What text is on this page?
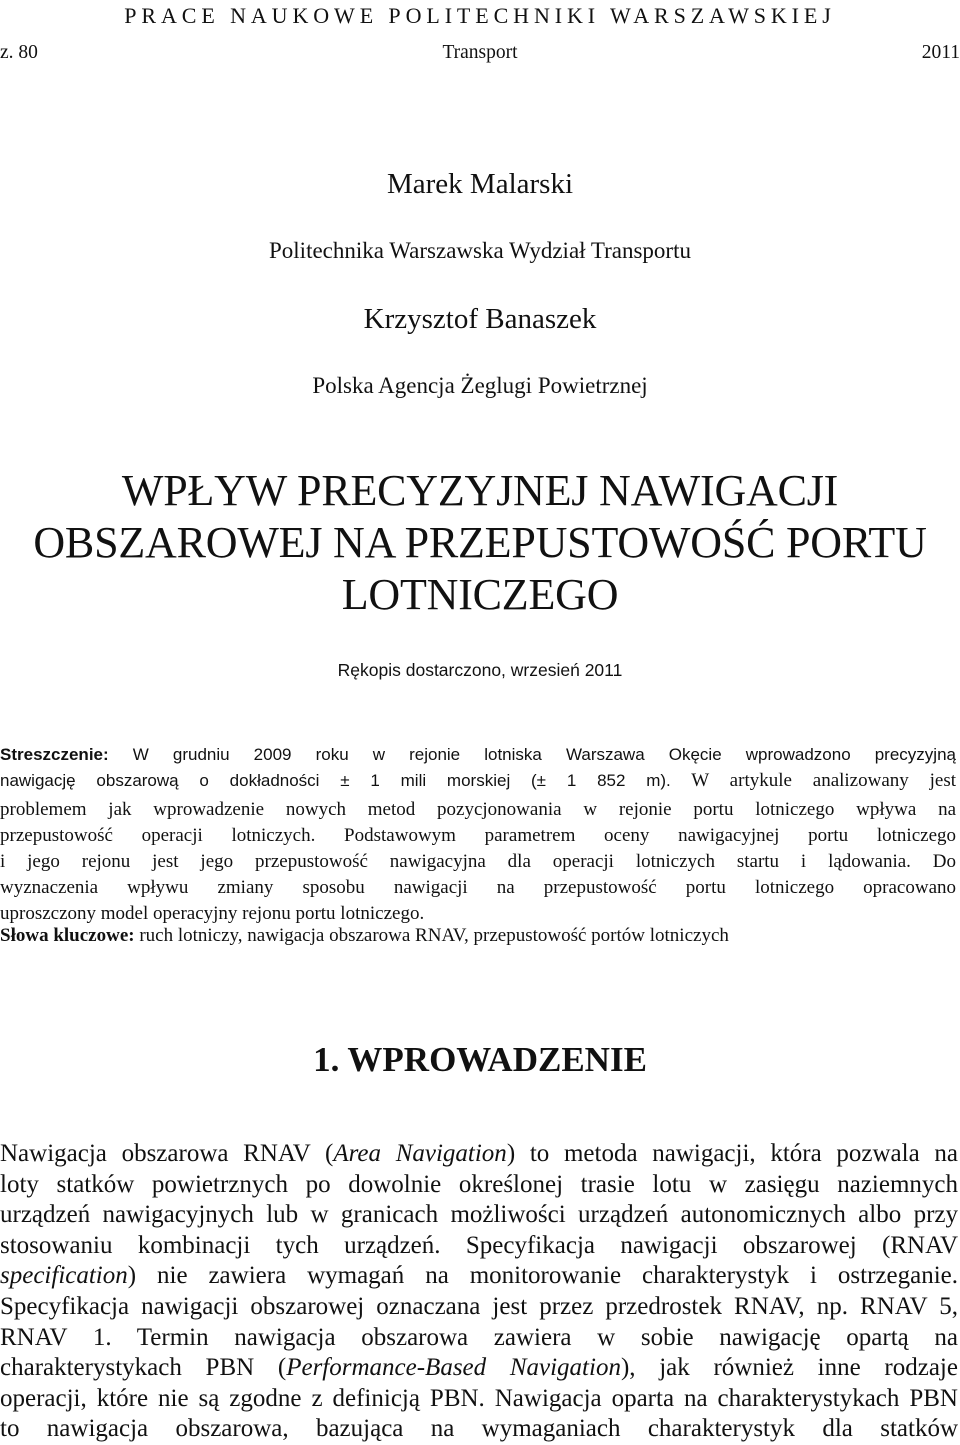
PRACE NAUKOWE POLITECHNIKI WARSZAWSKIEJ
Transport
z. 80	2011
Marek Malarski
Politechnika Warszawska Wydział Transportu
Krzysztof Banaszek
Polska Agencja Żeglugi Powietrznej
WPŁYW PRECYZYJNEJ NAWIGACJI
OBSZAROWEJ NA PRZEPUSTOWOŚĆ PORTU
LOTNICZEGO
Rękopis dostarczono, wrzesień 2011
Streszczenie: W grudniu 2009 roku w rejonie lotniska Warszawa Okęcie wprowadzono precyzyjną
nawigację obszarową o dokładności ± 1 mili morskiej (± 1 852 m). W artykule analizowany jest
problemem jak wprowadzenie nowych metod pozycjonowania w rejonie portu lotniczego wpływa na
przepustowość operacji lotniczych. Podstawowym parametrem oceny nawigacyjnej portu lotniczego
i jego rejonu jest jego przepustowość nawigacyjna dla operacji lotniczych startu i lądowania. Do
wyznaczenia wpływu zmiany sposobu nawigacji na przepustowość portu lotniczego opracowano
uproszczony model operacyjny rejonu portu lotniczego.
Słowa kluczowe: ruch lotniczy, nawigacja obszarowa RNAV, przepustowość portów lotniczych
1. WPROWADZENIE
Nawigacja obszarowa RNAV (Area Navigation) to metoda nawigacji, która pozwala na
loty statków powietrznych po dowolnie określonej trasie lotu w zasięgu naziemnych
urządzeń nawigacyjnych lub w granicach możliwości urządzeń autonomicznych albo przy
stosowaniu kombinacji tych urządzeń. Specyfikacja nawigacji obszarowej (RNAV
specification) nie zawiera wymagań na monitorowanie charakterystyk i ostrzeganie.
Specyfikacja nawigacji obszarowej oznaczana jest przez przedrostek RNAV, np. RNAV 5,
RNAV 1. Termin nawigacja obszarowa zawiera w sobie nawigację opartą na
charakterystykach PBN (Performance-Based Navigation), jak również inne rodzaje
operacji, które nie są zgodne z definicją PBN. Nawigacja oparta na charakterystykach PBN
to nawigacja obszarowa, bazująca na wymaganiach charakterystyk dla statków
